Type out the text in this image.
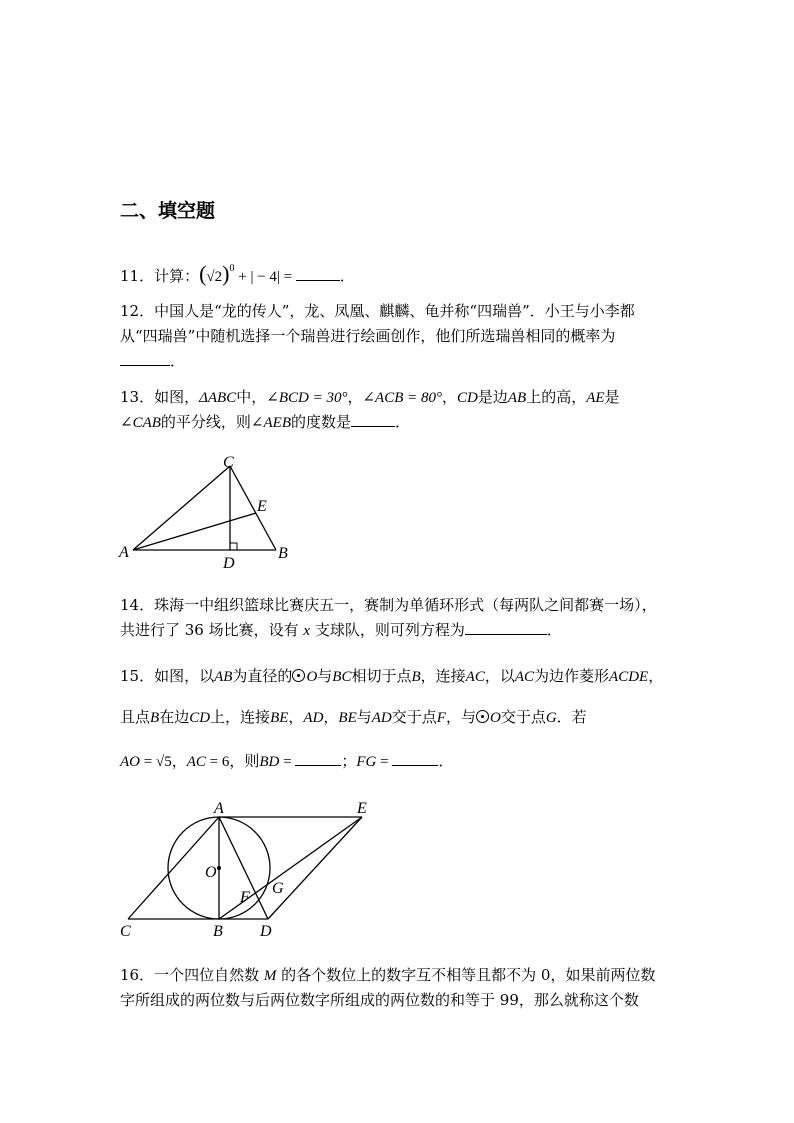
二、填空题
11．计算：$(√2)^0$ + | − 4| =	．
12．中国人是“龙的传人”，龙、凤凰、麒麟、龟并称“四瑞兽”．小王与小李都
从“四瑞兽”中随机选择一个瑞兽进行绘画创作，他们所选瑞兽相同的概率为
．
13．如图，ΔABC中，∠BCD = 30°，∠ACB = 80°，CD是边AB上的高，AE是
∠CAB的平分线，则∠AEB的度数是	．
C
E
A	B
D
14．珠海一中组织篮球比赛庆五一，赛制为单循环形式（每两队之间都赛一场），
共进行了 36 场比赛，设有 x 支球队，则可列方程为	．
15．如图，以AB为直径的 O与BC相切于点B，连接AC，以AC为边作菱形ACDE，
且点B在边CD上，连接BE，AD，BE与AD交于点F，与 O交于点G．若
AO = √5，AC = 6，则BD =	；FG =	．
A	E
O
F
G
C	B D
16．一个四位自然数 M 的各个数位上的数字互不相等且都不为 0，如果前两位数
字所组成的两位数与后两位数字所组成的两位数的和等于 99，那么就称这个数
